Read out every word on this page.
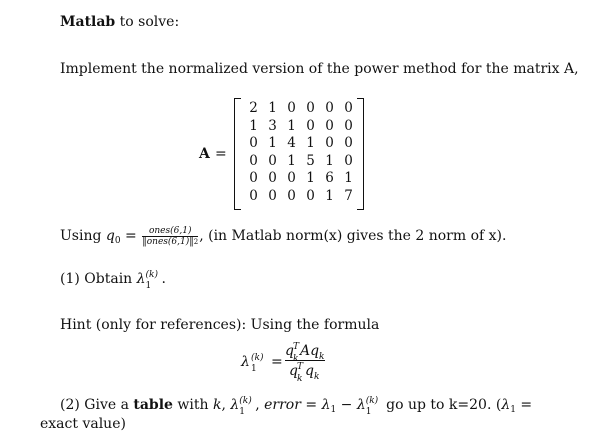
Matlab to solve:
Implement the normalized version of the power method for the matrix A,
A =
2 1 0 0 0 0
1 3 1 0 0 0
0 1 4 1 0 0
0 0 1 5 1 0
0 0 0 1 6 1
0 0 0 0 1 7
Using $q_0 = \frac{\text{ones(6,1)}}{\text{‖ones(6,1)‖2}}$ , (in Matlab norm(x) gives the 2 norm of x).
(1) Obtain λ (k)
1 .
Hint (only for references): Using the formula
λ (k)
1 =
q T
k Aq k
q T
k q k
(2) Give a table with k, λ (k)
1 , error = $\lambda_1 - \lambda$ (k)
1 go up to k=20. ($\lambda_1$ =
exact value)
